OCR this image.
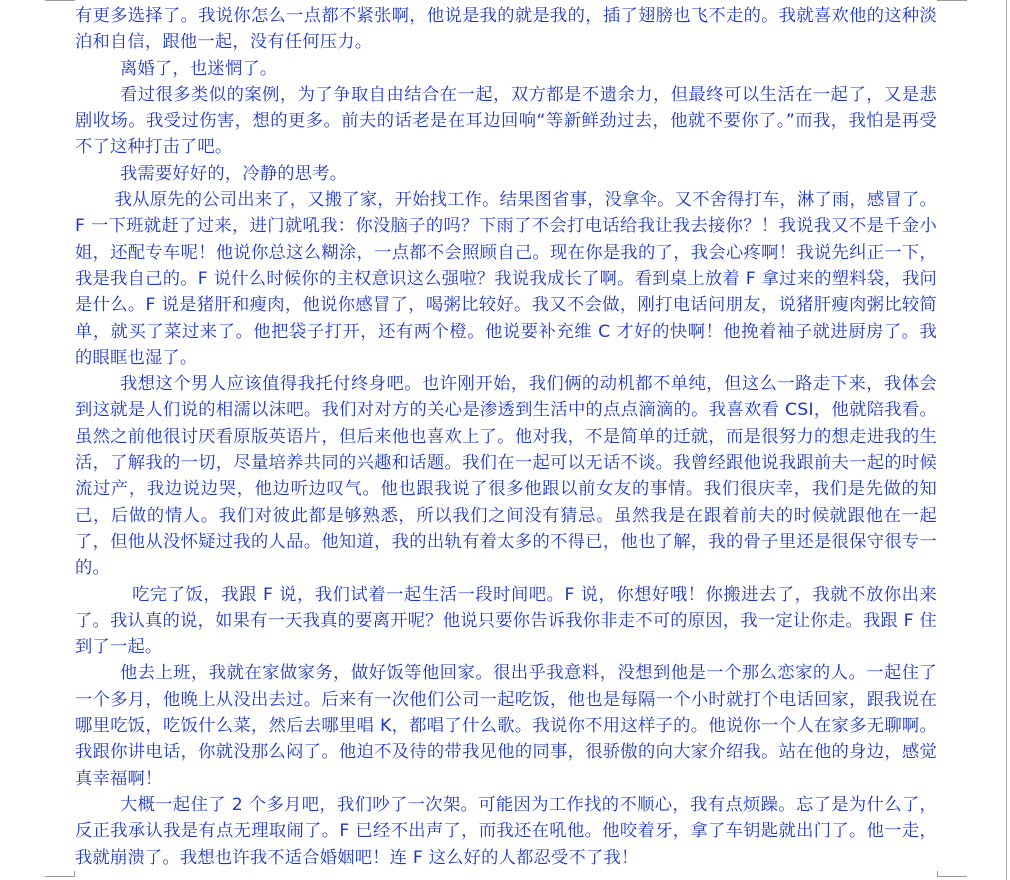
有更多选择了。我说你怎么一点都不紧张啊，他说是我的就是我的，插了翅膀也飞不走的。我就喜欢他的这种淡泊和自信，跟他一起，没有任何压力。

离婚了，也迷惘了。

看过很多类似的案例，为了争取自由结合在一起，双方都是不遗余力，但最终可以生活在一起了，又是悲剧收场。我受过伤害，想的更多。前夫的话老是在耳边回响“等新鲜劲过去，他就不要你了。”而我，我怕是再受不了这种打击了吧。

我需要好好的，冷静的思考。

我从原先的公司出来了，又搬了家，开始找工作。结果图省事，没拿伞。又不舍得打车，淋了雨，感冒了。F 一下班就赶了过来，进门就吼我：你没脑子的吗？下雨了不会打电话给我让我去接你？！我说我又不是千金小姐，还配专车呢！他说你总这么糊涂，一点都不会照顾自己。现在你是我的了，我会心疼啊！我说先纠正一下，我是我自己的。F 说什么时候你的主权意识这么强啦？我说我成长了啊。看到桌上放着 F 拿过来的塑料袋，我问是什么。F 说是猪肝和瘦肉，他说你感冒了，喝粥比较好。我又不会做，刚打电话问朋友，说猪肝瘦肉粥比较简单，就买了菜过来了。他把袋子打开，还有两个橙。他说要补充维 C 才好的快啊！他挽着袖子就进厨房了。我的眼眶也湿了。

我想这个男人应该值得我托付终身吧。也许刚开始，我们俩的动机都不单纯，但这么一路走下来，我体会到这就是人们说的相濡以沫吧。我们对对方的关心是渗透到生活中的点点滴滴的。我喜欢看 CSI，他就陪我看。虽然之前他很讨厌看原版英语片，但后来他也喜欢上了。他对我，不是简单的迁就，而是很努力的想走进我的生活，了解我的一切，尽量培养共同的兴趣和话题。我们在一起可以无话不谈。我曾经跟他说我跟前夫一起的时候流过产，我边说边哭，他边听边叹气。他也跟我说了很多他跟以前女友的事情。我们很庆幸，我们是先做的知己，后做的情人。我们对彼此都是够熟悉，所以我们之间没有猜忌。虽然我是在跟着前夫的时候就跟他在一起了，但他从没怀疑过我的人品。他知道，我的出轨有着太多的不得已，他也了解，我的骨子里还是很保守很专一的。

吃完了饭，我跟 F 说，我们试着一起生活一段时间吧。F 说，你想好哦！你搬进去了，我就不放你出来了。我认真的说，如果有一天我真的要离开呢？他说只要你告诉我你非走不可的原因，我一定让你走。我跟 F 住到了一起。

他去上班，我就在家做家务，做好饭等他回家。很出乎我意料，没想到他是一个那么恋家的人。一起住了一个多月，他晚上从没出去过。后来有一次他们公司一起吃饭，他也是每隔一个小时就打个电话回家，跟我说在哪里吃饭，吃饭什么菜，然后去哪里唱 K，都唱了什么歌。我说你不用这样子的。他说你一个人在家多无聊啊。我跟你讲电话，你就没那么闷了。他迫不及待的带我见他的同事，很骄傲的向大家介绍我。站在他的身边，感觉真幸福啊！

大概一起住了 2 个多月吧，我们吵了一次架。可能因为工作找的不顺心，我有点烦躁。忘了是为什么了，反正我承认我是有点无理取闹了。F 已经不出声了，而我还在吼他。他咬着牙，拿了车钥匙就出门了。他一走，我就崩溃了。我想也许我不适合婚姻吧！连 F 这么好的人都忍受不了我！
